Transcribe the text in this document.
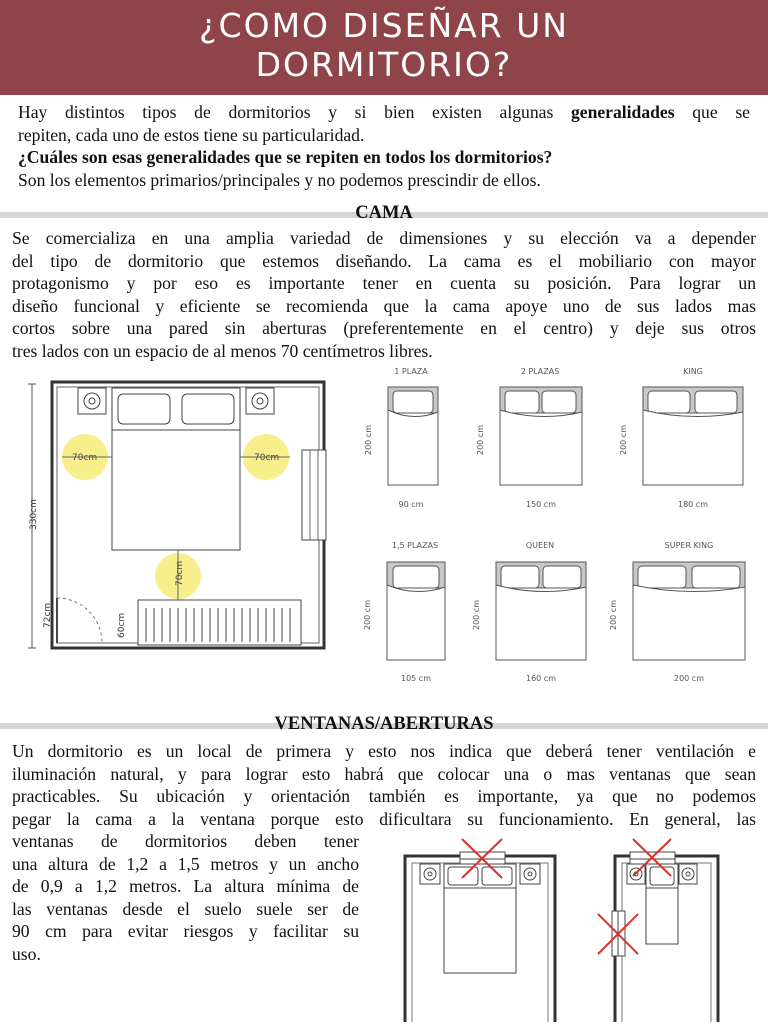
¿COMO DISEÑAR UN
DORMITORIO?

Hay distintos tipos de dormitorios y si bien existen algunas generalidades que se

repiten, cada uno de estos tiene su particularidad.

¿Cuáles son esas generalidades que se repiten en todos los dormitorios?

Son los elementos primarios/principales y no podemos prescindir de ellos.

CAMA
Se comercializa en una amplia variedad de dimensiones y su elección va a depender
del tipo de dormitorio que estemos diseñando. La cama es el mobiliario con mayor
protagonismo y por eso es importante tener en cuenta su posición. Para lograr un
diseño funcional y eficiente se recomienda que la cama apoye uno de sus lados mas
cortos sobre una pared sin aberturas (preferentemente en el centro) y deje sus otros
tres lados con un espacio de al menos 70 centímetros libres.
330cm
72cm	60cm
70cm	70cm
70cm
1 PLAZA
200 cm
90 cm
2 PLAZAS
200 cm
150 cm
KING
200 cm
180 cm
1,5 PLAZAS
200 cm
105 cm
QUEEN
200 cm
160 cm
SUPER KING
200 cm
200 cm
VENTANAS/ABERTURAS
Un dormitorio es un local de primera y esto nos indica que deberá tener ventilación e
iluminación natural, y para lograr esto habrá que colocar una o mas ventanas que sean
practicables. Su ubicación y orientación también es importante, ya que no podemos
pegar la cama a la ventana porque esto dificultara su funcionamiento. En general, las
ventanas de dormitorios deben tener
una altura de 1,2 a 1,5 metros y un ancho
de 0,9 a 1,2 metros. La altura mínima de
las ventanas desde el suelo suele ser de
90 cm para evitar riesgos y facilitar su
uso.
